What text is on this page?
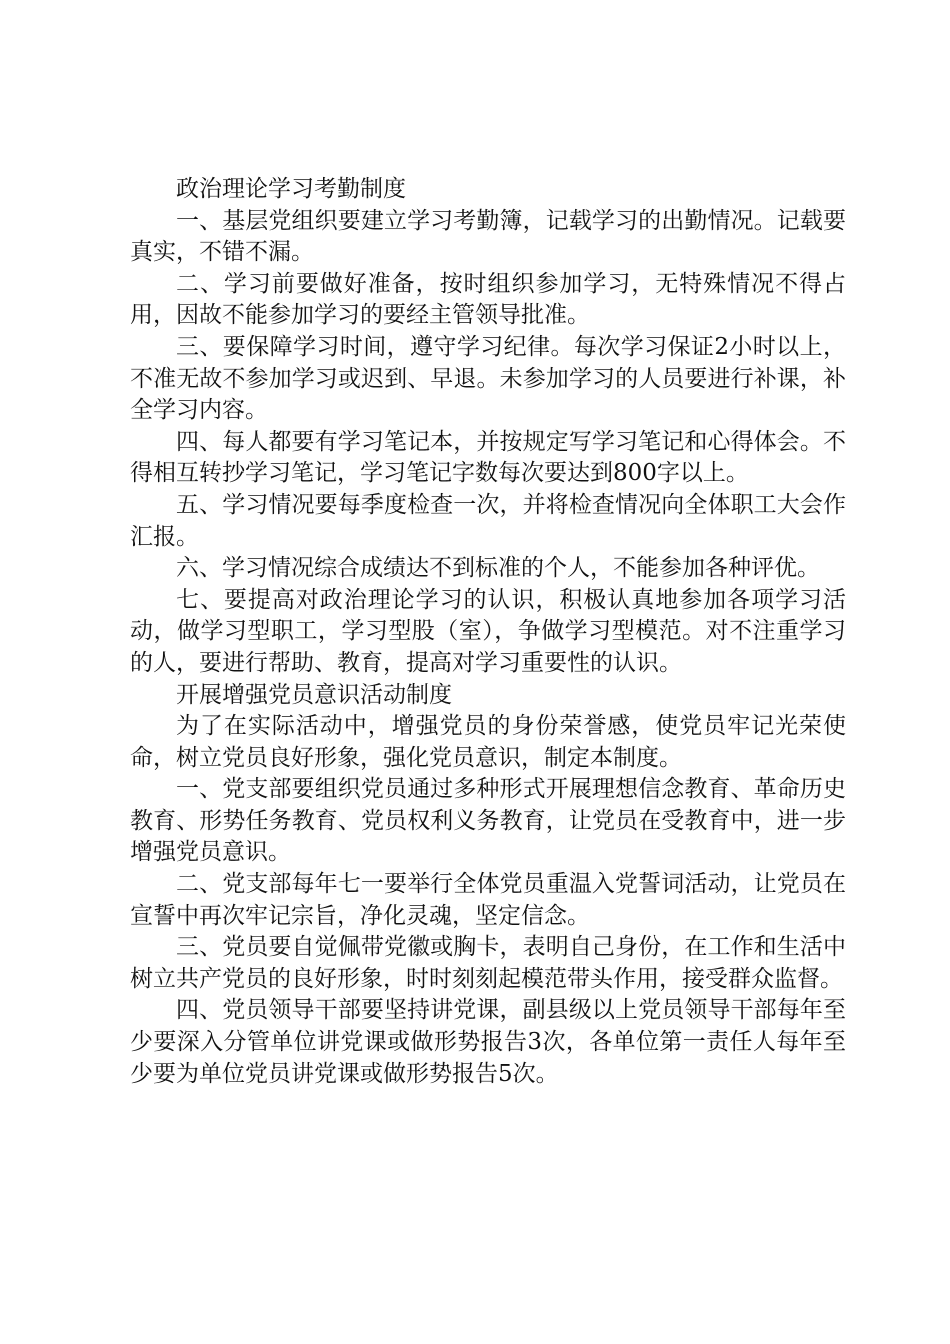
政治理论学习考勤制度

一、基层党组织要建立学习考勤簿，记载学习的出勤情况。记载要真实，不错不漏。

二、学习前要做好准备，按时组织参加学习，无特殊情况不得占用，因故不能参加学习的要经主管领导批准。

三、要保障学习时间，遵守学习纪律。每次学习保证2小时以上，不准无故不参加学习或迟到、早退。未参加学习的人员要进行补课，补全学习内容。

四、每人都要有学习笔记本，并按规定写学习笔记和心得体会。不得相互转抄学习笔记，学习笔记字数每次要达到800字以上。

五、学习情况要每季度检查一次，并将检查情况向全体职工大会作汇报。

六、学习情况综合成绩达不到标准的个人，不能参加各种评优。

七、要提高对政治理论学习的认识，积极认真地参加各项学习活动，做学习型职工，学习型股（室），争做学习型模范。对不注重学习的人，要进行帮助、教育，提高对学习重要性的认识。

开展增强党员意识活动制度

为了在实际活动中，增强党员的身份荣誉感，使党员牢记光荣使命，树立党员良好形象，强化党员意识，制定本制度。

一、党支部要组织党员通过多种形式开展理想信念教育、革命历史教育、形势任务教育、党员权利义务教育，让党员在受教育中，进一步增强党员意识。

二、党支部每年七一要举行全体党员重温入党誓词活动，让党员在宣誓中再次牢记宗旨，净化灵魂，坚定信念。

三、党员要自觉佩带党徽或胸卡，表明自己身份，在工作和生活中树立共产党员的良好形象，时时刻刻起模范带头作用，接受群众监督。

四、党员领导干部要坚持讲党课，副县级以上党员领导干部每年至少要深入分管单位讲党课或做形势报告3次，各单位第一责任人每年至少要为单位党员讲党课或做形势报告5次。
